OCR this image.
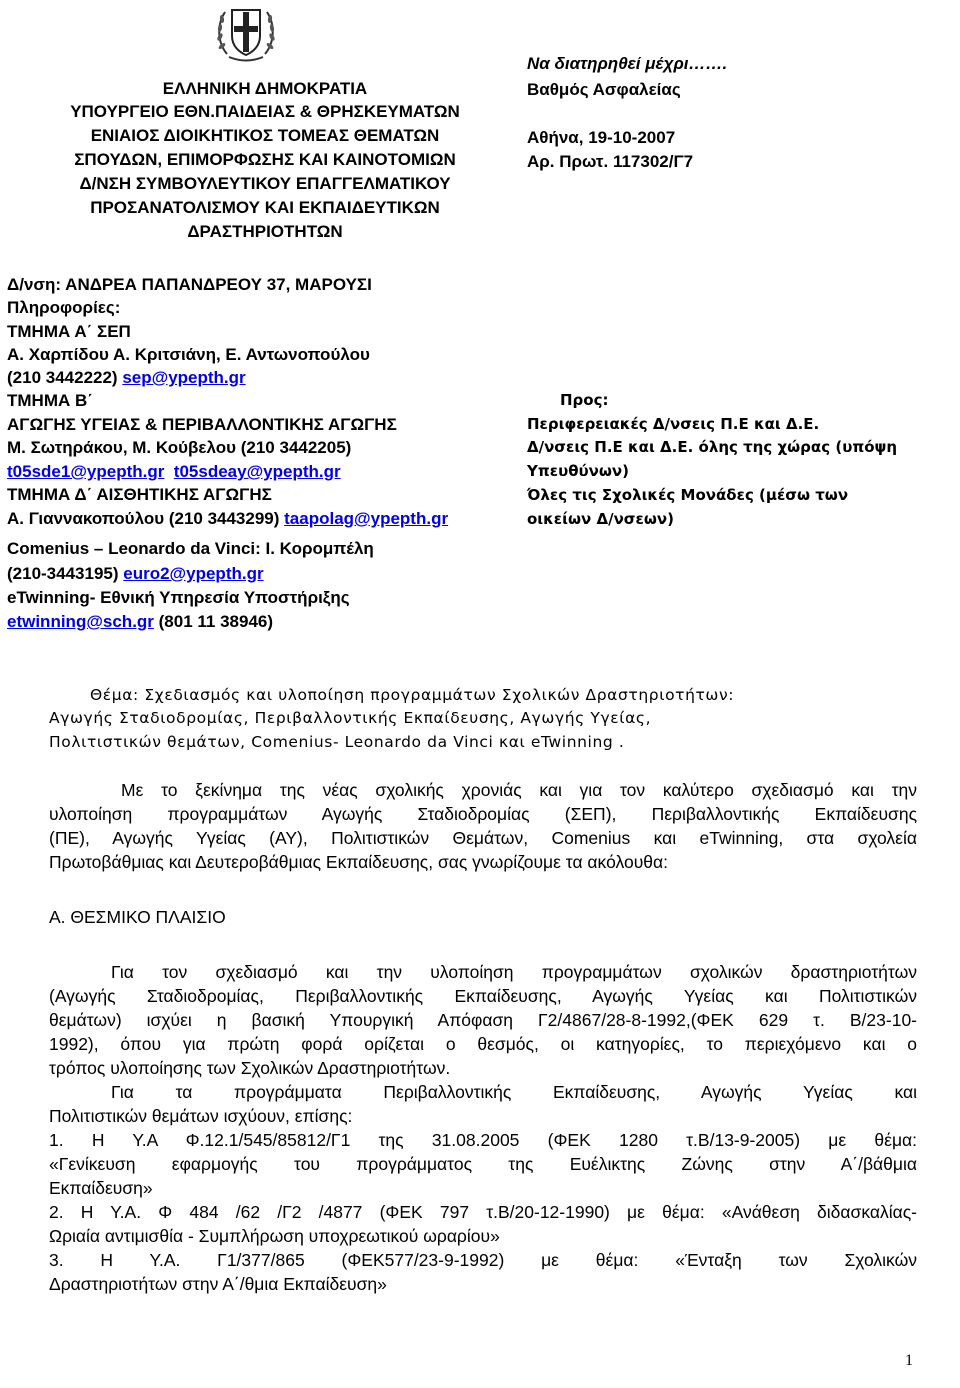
ΕΛΛΗΝΙΚΗ ΔΗΜΟΚΡΑΤΙΑ
ΥΠΟΥΡΓΕΙΟ ΕΘΝ.ΠΑΙΔΕΙΑΣ & ΘΡΗΣΚΕΥΜΑΤΩΝ
ΕΝΙΑΙΟΣ ΔΙΟΙΚΗΤΙΚΟΣ ΤΟΜΕΑΣ ΘΕΜΑΤΩΝ
ΣΠΟΥΔΩΝ, ΕΠΙΜΟΡΦΩΣΗΣ ΚΑΙ ΚΑΙΝΟΤΟΜΙΩΝ
Δ/ΝΣΗ ΣΥΜΒΟΥΛΕΥΤΙΚΟΥ ΕΠΑΓΓΕΛΜΑΤΙΚΟΥ
ΠΡΟΣΑΝΑΤΟΛΙΣΜΟΥ ΚΑΙ ΕΚΠΑΙΔΕΥΤΙΚΩΝ
ΔΡΑΣΤΗΡΙΟΤΗΤΩΝ
Να διατηρηθεί μέχρι…….
Βαθμός Ασφαλείας
Αθήνα, 19-10-2007
Αρ. Πρωτ. 117302/Γ7
Δ/νση: ΑΝΔΡΕΑ ΠΑΠΑΝΔΡΕΟΥ 37, ΜΑΡΟΥΣΙ
Πληροφορίες:
ΤΜΗΜΑ Α΄ ΣΕΠ
Α. Χαρπίδου Α. Κριτσιάνη, Ε. Αντωνοπούλου
(210 3442222) sep@ypepth.gr
ΤΜΗΜΑ Β΄
ΑΓΩΓΗΣ ΥΓΕΙΑΣ & ΠΕΡΙΒΑΛΛΟΝΤΙΚΗΣ ΑΓΩΓΗΣ
Μ. Σωτηράκου, Μ. Κούβελου (210 3442205)
t05sde1@ypepth.gr t05sdeay@ypepth.gr
ΤΜΗΜΑ Δ΄ ΑΙΣΘΗΤΙΚΗΣ ΑΓΩΓΗΣ
Α. Γιαννακοπούλου (210 3443299) taapolag@ypepth.gr
Comenius – Leonardo da Vinci: Ι. Κορομπέλη
(210-3443195) euro2@ypepth.gr
eTwinning- Εθνική Υπηρεσία Υποστήριξης
etwinning@sch.gr (801 11 38946)
Προς:
Περιφερειακές Δ/νσεις Π.Ε και Δ.Ε.
Δ/νσεις Π.Ε και Δ.Ε. όλης της χώρας (υπόψη
Υπευθύνων)
Όλες τις Σχολικές Μονάδες (μέσω των
οικείων Δ/νσεων)
Θέμα: Σχεδιασμός και υλοποίηση προγραμμάτων Σχολικών Δραστηριοτήτων:
Αγωγής Σταδιοδρομίας, Περιβαλλοντικής Εκπαίδευσης, Αγωγής Υγείας,
Πολιτιστικών θεμάτων, Comenius- Leonardo da Vinci και eTwinning .
Με το ξεκίνημα της νέας σχολικής χρονιάς και για τον καλύτερο σχεδιασμό και την
υλοποίηση προγραμμάτων Αγωγής Σταδιοδρομίας (ΣΕΠ), Περιβαλλοντικής Εκπαίδευσης
(ΠΕ), Αγωγής Υγείας (ΑΥ), Πολιτιστικών Θεμάτων, Comenius και eTwinning, στα σχολεία
Πρωτοβάθμιας και Δευτεροβάθμιας Εκπαίδευσης, σας γνωρίζουμε τα ακόλουθα:
Α. ΘΕΣΜΙΚΟ ΠΛΑΙΣΙΟ
Για τον σχεδιασμό και την υλοποίηση προγραμμάτων σχολικών δραστηριοτήτων
(Αγωγής Σταδιοδρομίας, Περιβαλλοντικής Εκπαίδευσης, Αγωγής Υγείας και Πολιτιστικών
θεμάτων) ισχύει η βασική Υπουργική Απόφαση Γ2/4867/28-8-1992,(ΦΕΚ 629 τ. Β/23-10-
1992), όπου για πρώτη φορά ορίζεται ο θεσμός, οι κατηγορίες, το περιεχόμενο και ο
τρόπος υλοποίησης των Σχολικών Δραστηριοτήτων.
Για τα προγράμματα Περιβαλλοντικής Εκπαίδευσης, Αγωγής Υγείας και
Πολιτιστικών θεμάτων ισχύουν, επίσης:
1. Η Υ.Α Φ.12.1/545/85812/Γ1 της 31.08.2005 (ΦΕΚ 1280 τ.Β/13-9-2005) με θέμα:
«Γενίκευση εφαρμογής του προγράμματος της Ευέλικτης Ζώνης στην Α΄/βάθμια
Εκπαίδευση»
2. Η Υ.Α. Φ 484 /62 /Γ2 /4877 (ΦΕΚ 797 τ.Β/20-12-1990) με θέμα: «Ανάθεση διδασκαλίας-
Ωριαία αντιμισθία - Συμπλήρωση υποχρεωτικού ωραρίου»
3. Η Υ.Α. Γ1/377/865 (ΦΕΚ577/23-9-1992) με θέμα: «Ένταξη των Σχολικών
Δραστηριοτήτων στην Α΄/θμια Εκπαίδευση»
1
